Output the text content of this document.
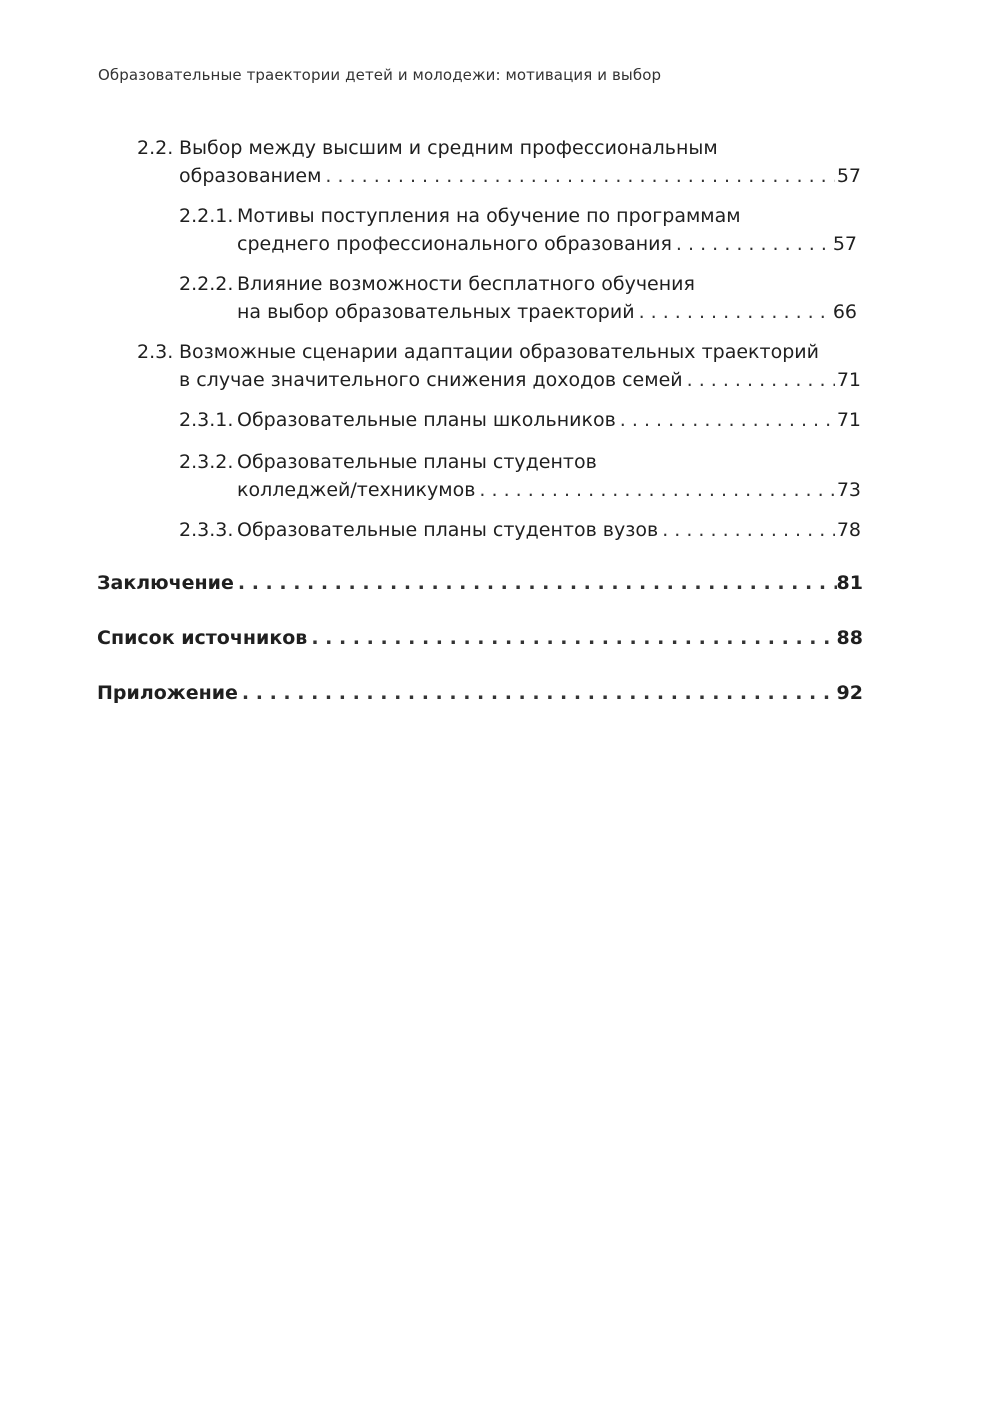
Образовательные траектории детей и молодежи: мотивация и выбор
2.2. Выбор между высшим и средним профессиональным
образованием . . .	57
2.2.1. Мотивы поступления на обучение по программам
среднего профессионального образования . . .	57
2.2.2. Влияние возможности бесплатного обучения
на выбор образовательных траекторий . . .	66
2.3. Возможные сценарии адаптации образовательных траекторий
в случае значительного снижения доходов семей . . .	71
2.3.1. Образовательные планы школьников . . .	71
2.3.2. Образовательные планы студентов
колледжей/техникумов . . .	73
2.3.3. Образовательные планы студентов вузов . . .	78
Заключение . . .	81
Список источников . . .	88
Приложение . . .	92
